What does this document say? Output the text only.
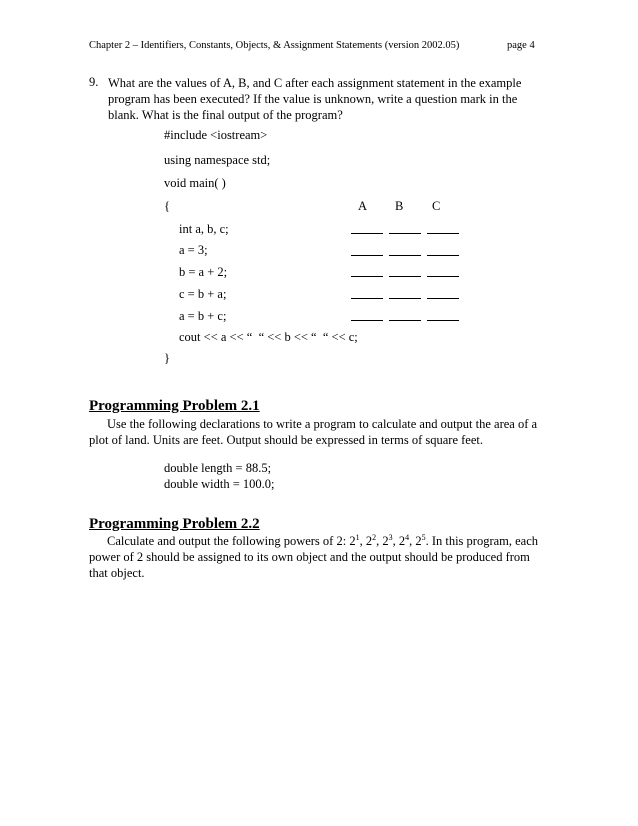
Chapter 2 – Identifiers, Constants, Objects, & Assignment Statements (version 2002.05)	page 4
9. What are the values of A, B, and C after each assignment statement in the example program has been executed? If the value is unknown, write a question mark in the blank. What is the final output of the program?
#include <iostream>
using namespace std;
void main( )
{
int a, b, c;
a = 3;
b = a + 2;
c = b + a;
a = b + c;
cout << a << “  “ << b << “  “ << c;
}
A B C
Programming Problem 2.1
Use the following declarations to write a program to calculate and output the area of a plot of land. Units are feet. Output should be expressed in terms of square feet.
double length = 88.5;
double width = 100.0;
Programming Problem 2.2
Calculate and output the following powers of 2: $2^1$, $2^2$, $2^3$, $2^4$, $2^5$. In this program, each power of 2 should be assigned to its own object and the output should be produced from that object.
